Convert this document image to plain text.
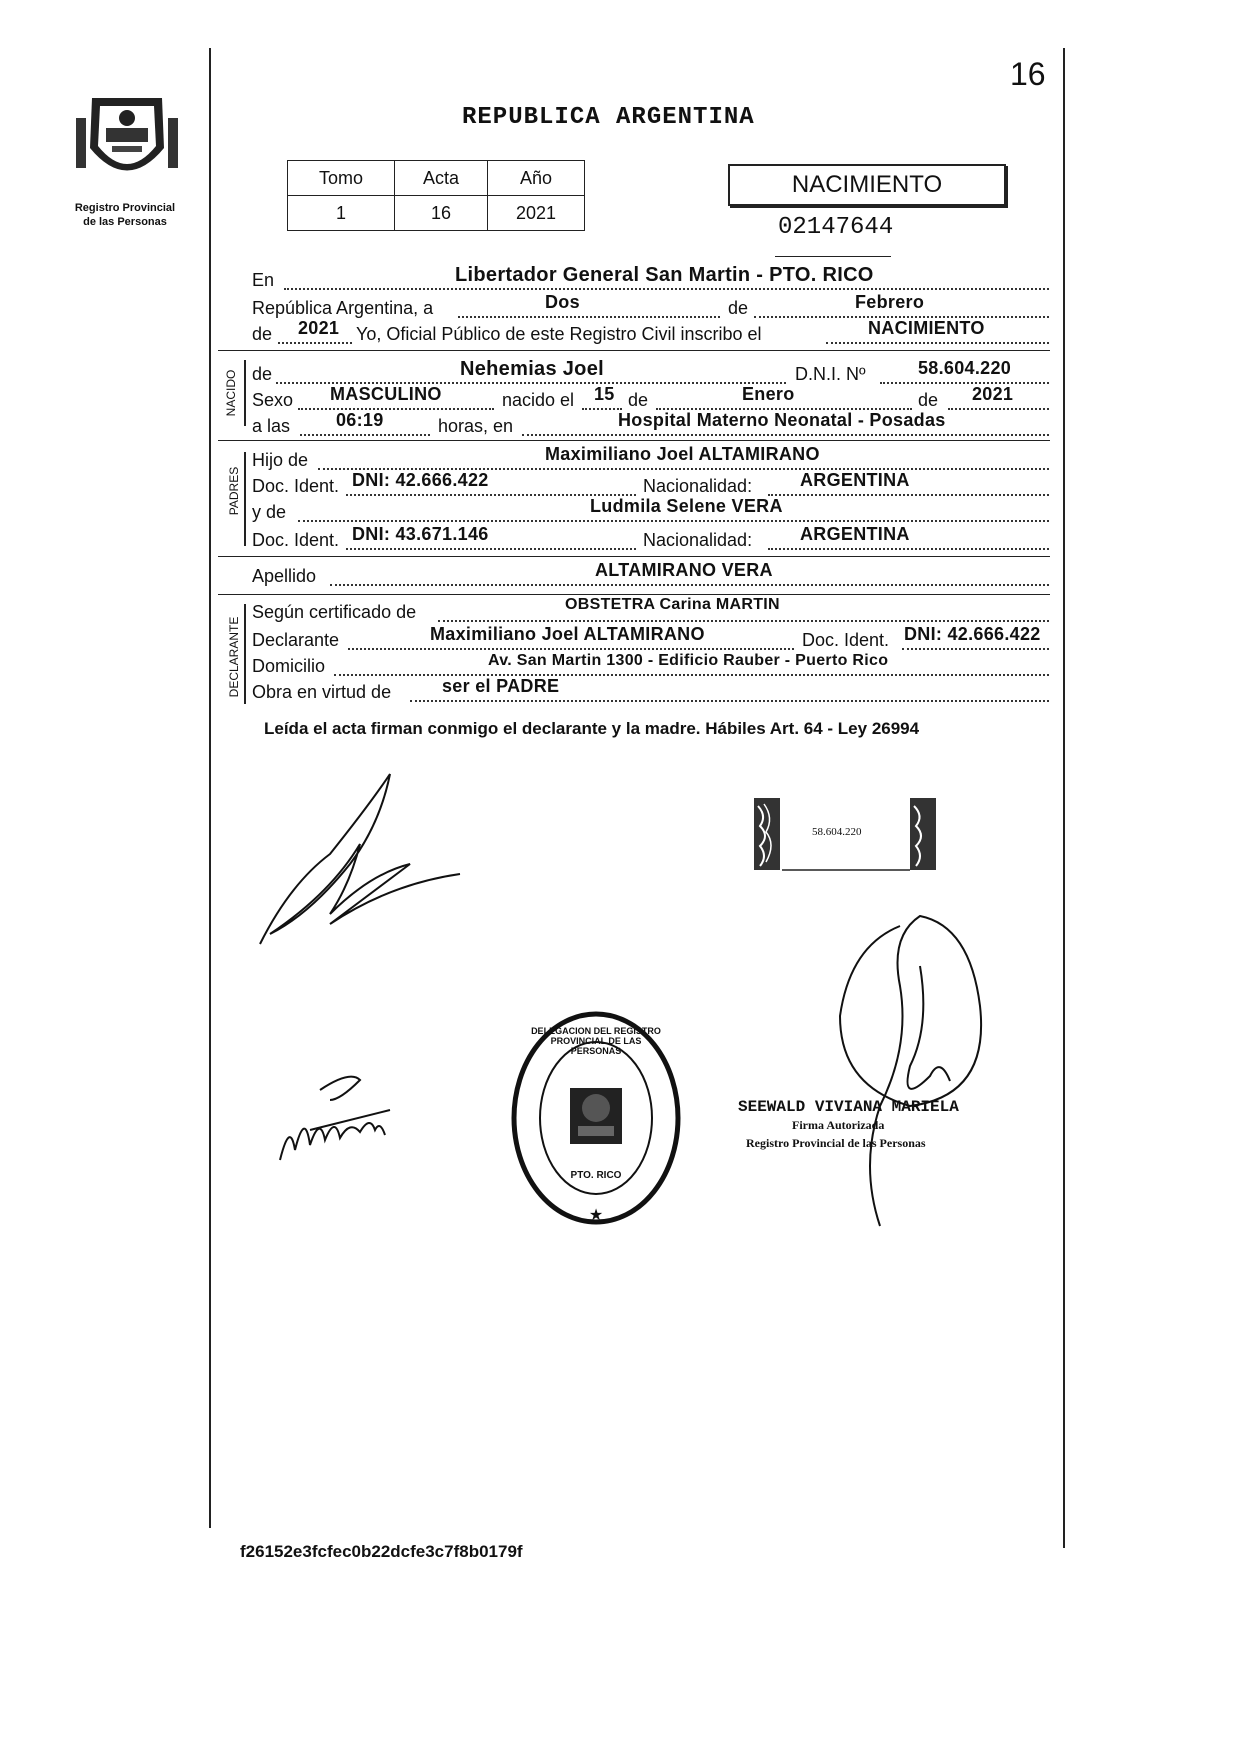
PROVINCIA DE
MISIONES
Registro Provincial
de las Personas
16
REPUBLICA ARGENTINA
Tomo	Acta	Año
1	16	2021
NACIMIENTO
02147644
En	Libertador General San Martin - PTO. RICO
República Argentina, a	Dos	de	Febrero
de 2021 Yo, Oficial Público de este Registro Civil inscribo el	NACIMIENTO
NACIDO de	Nehemias Joel	D.N.I. Nº	58.604.220
Sexo MASCULINO	nacido el 15 de	Enero	de 2021
a las	06:19	horas, en	Hospital Materno Neonatal - Posadas
PADRES
Hijo de	Maximiliano Joel ALTAMIRANO
Doc. Ident. DNI: 42.666.422	Nacionalidad:	ARGENTINA
y de	Ludmila Selene VERA
Doc. Ident. DNI: 43.671.146	Nacionalidad:	ARGENTINA
Apellido	ALTAMIRANO VERA
DECLARANTE
Según certificado de	OBSTETRA Carina MARTIN
Declarante	Maximiliano Joel ALTAMIRANO	Doc. Ident. DNI: 42.666.422
Domicilio	Av. San Martin 1300 - Edificio Rauber - Puerto Rico
Obra en virtud de	ser el PADRE
Leída el acta firman conmigo el declarante y la madre. Hábiles Art. 64 - Ley 26994
58.604.220
★
DELEGACION DEL REGISTRO PROVINCIAL DE LAS PERSONAS
PTO. RICO
SEEWALD VIVIANA MARIELA
Firma Autorizada
Registro Provincial de las Personas
f26152e3fcfec0b22dcfe3c7f8b0179f
